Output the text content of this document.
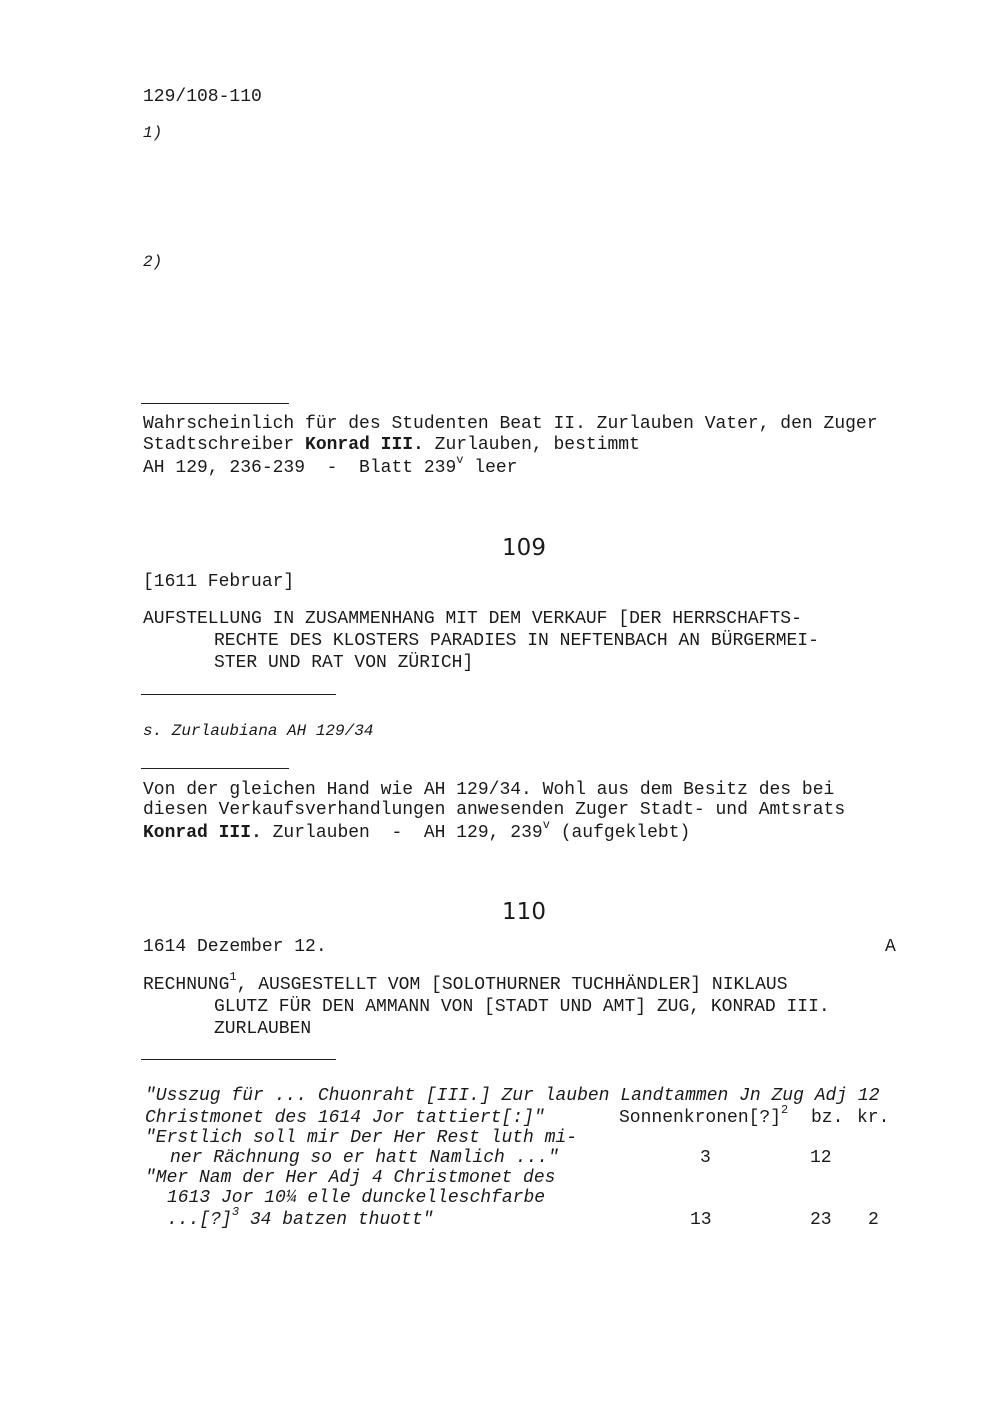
129/108-110
1)
2)
Wahrscheinlich für des Studenten Beat II. Zurlauben Vater, den Zuger
Stadtschreiber Konrad III. Zurlauben, bestimmt
AH 129, 236-239  -  Blatt 239$^v$ leer
109
[1611 Februar]
AUFSTELLUNG IN ZUSAMMENHANG MIT DEM VERKAUF [DER HERRSCHAFTS-
RECHTE DES KLOSTERS PARADIES IN NEFTENBACH AN BÜRGERMEI-
STER UND RAT VON ZÜRICH]
s. Zurlaubiana AH 129/34
Von der gleichen Hand wie AH 129/34. Wohl aus dem Besitz des bei
diesen Verkaufsverhandlungen anwesenden Zuger Stadt- und Amtsrats
Konrad III. Zurlauben  -  AH 129, 239$^v$ (aufgeklebt)
110
1614 Dezember 12.	A
RECHNUNG$^1$, AUSGESTELLT VOM [SOLOTHURNER TUCHHÄNDLER] NIKLAUS
GLUTZ FÜR DEN AMMANN VON [STADT UND AMT] ZUG, KONRAD III.
ZURLAUBEN
"Usszug für ... Chuonraht [III.] Zur lauben Landtammen Jn Zug Adj 12
Christmonet des 1614 Jor tattiert[:]"	Sonnenkronen[?]$^2$ bz. kr.
"Erstlich soll mir Der Her Rest luth mi-
ner Rächnung so er hatt Namlich ..."	3	12
"Mer Nam der Her Adj 4 Christmonet des
1613 Jor 10¼ elle dunckelleschfarbe
...[?]$^3$ 34 batzen thuott"	13	23 2
